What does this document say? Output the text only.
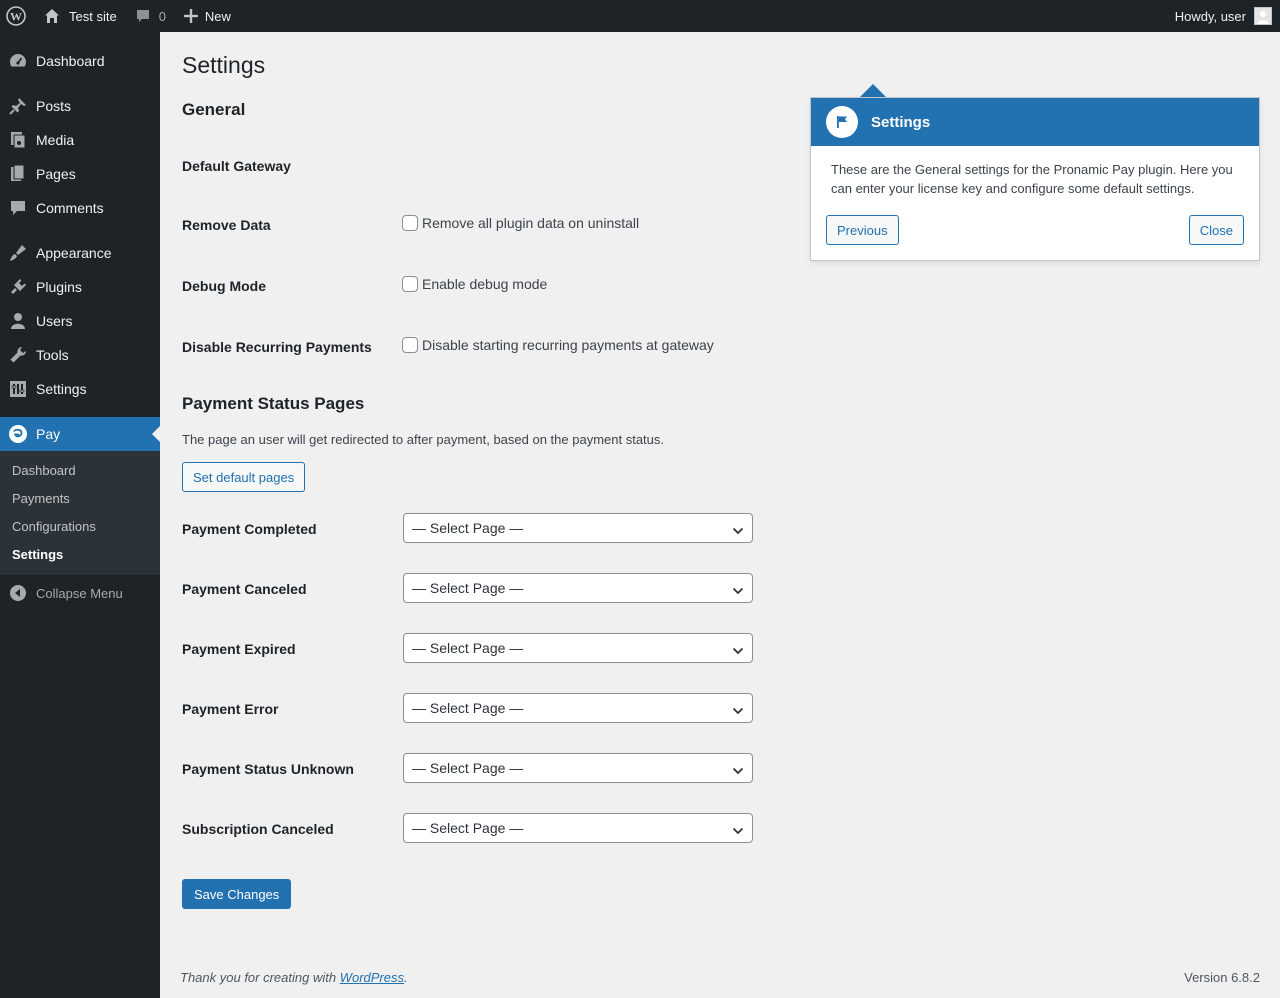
W	Test site	0	New	Howdy, user
Dashboard
Posts
Media
Pages
Comments
Appearance
Plugins
Users
Tools
Settings
Pay
Dashboard
Payments
Configurations
Settings
Collapse Menu
Settings
General
Default Gateway
Remove Data	Remove all plugin data on uninstall
Debug Mode	Enable debug mode
Disable Recurring Payments	Disable starting recurring payments at gateway
Payment Status Pages
The page an user will get redirected to after payment, based on the payment status.
Set default pages
Payment Completed	— Select Page —
Payment Canceled	— Select Page —
Payment Expired	— Select Page —
Payment Error	— Select Page —
Payment Status Unknown	— Select Page —
Subscription Canceled	— Select Page —
Save Changes
Thank you for creating with WordPress.	Version 6.8.2
Settings
These are the General settings for the Pronamic Pay plugin. Here you can enter your license key and configure some default settings.
Previous	Close
